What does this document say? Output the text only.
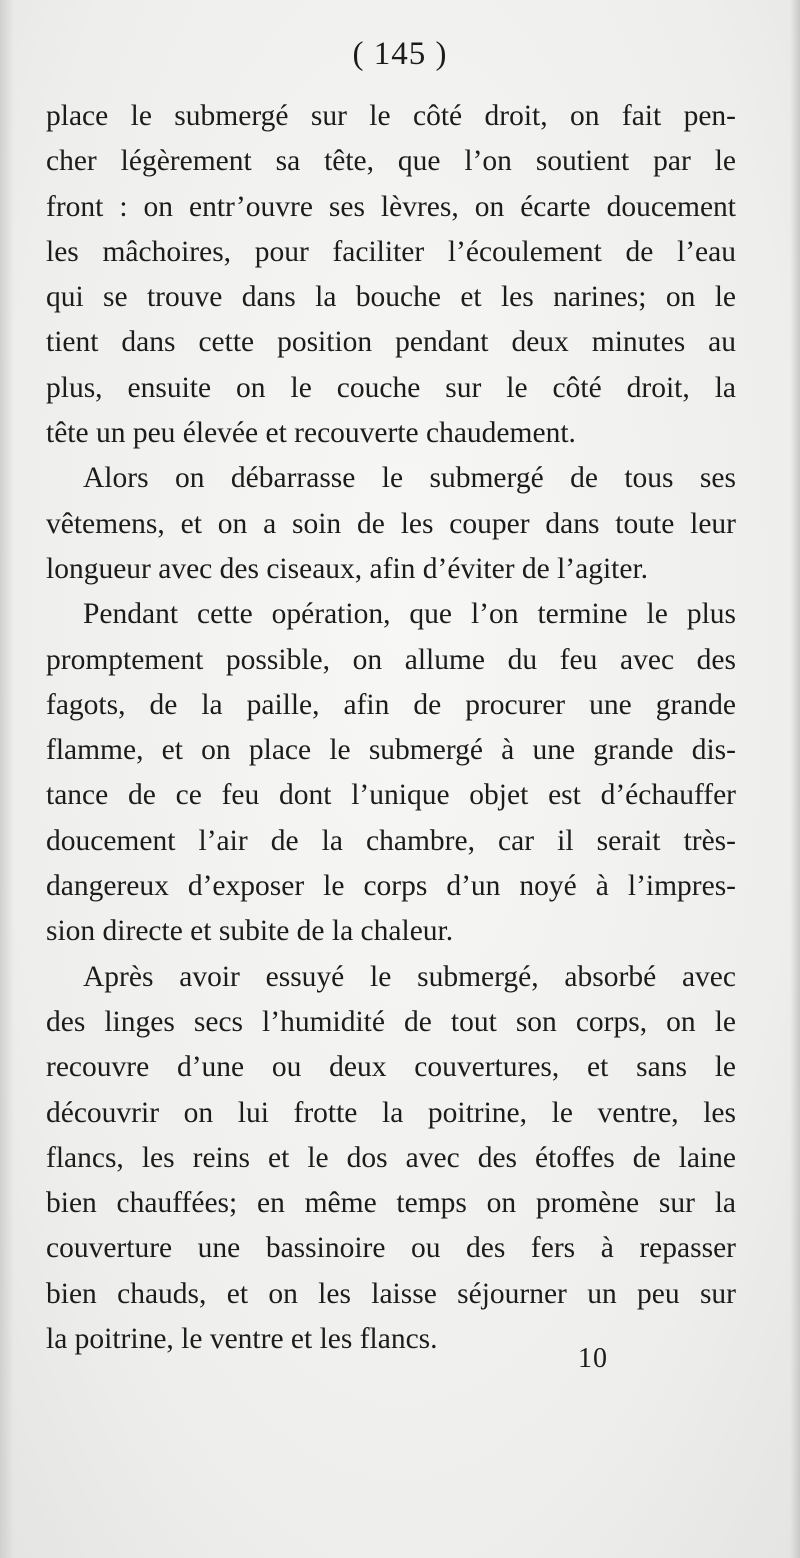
( 145 )
place le submergé sur le côté droit, on fait pen-
cher légèrement sa tête, que l’on soutient par le
front : on entr’ouvre ses lèvres, on écarte doucement
les mâchoires, pour faciliter l’écoulement de l’eau
qui se trouve dans la bouche et les narines; on le
tient dans cette position pendant deux minutes au
plus, ensuite on le couche sur le côté droit, la
tête un peu élevée et recouverte chaudement.
Alors on débarrasse le submergé de tous ses
vêtemens, et on a soin de les couper dans toute leur
longueur avec des ciseaux, afin d’éviter de l’agiter.
Pendant cette opération, que l’on termine le plus
promptement possible, on allume du feu avec des
fagots, de la paille, afin de procurer une grande
flamme, et on place le submergé à une grande dis-
tance de ce feu dont l’unique objet est d’échauffer
doucement l’air de la chambre, car il serait très-
dangereux d’exposer le corps d’un noyé à l’impres-
sion directe et subite de la chaleur.
Après avoir essuyé le submergé, absorbé avec
des linges secs l’humidité de tout son corps, on le
recouvre d’une ou deux couvertures, et sans le
découvrir on lui frotte la poitrine, le ventre, les
flancs, les reins et le dos avec des étoffes de laine
bien chauffées; en même temps on promène sur la
couverture une bassinoire ou des fers à repasser
bien chauds, et on les laisse séjourner un peu sur
la poitrine, le ventre et les flancs.
10
